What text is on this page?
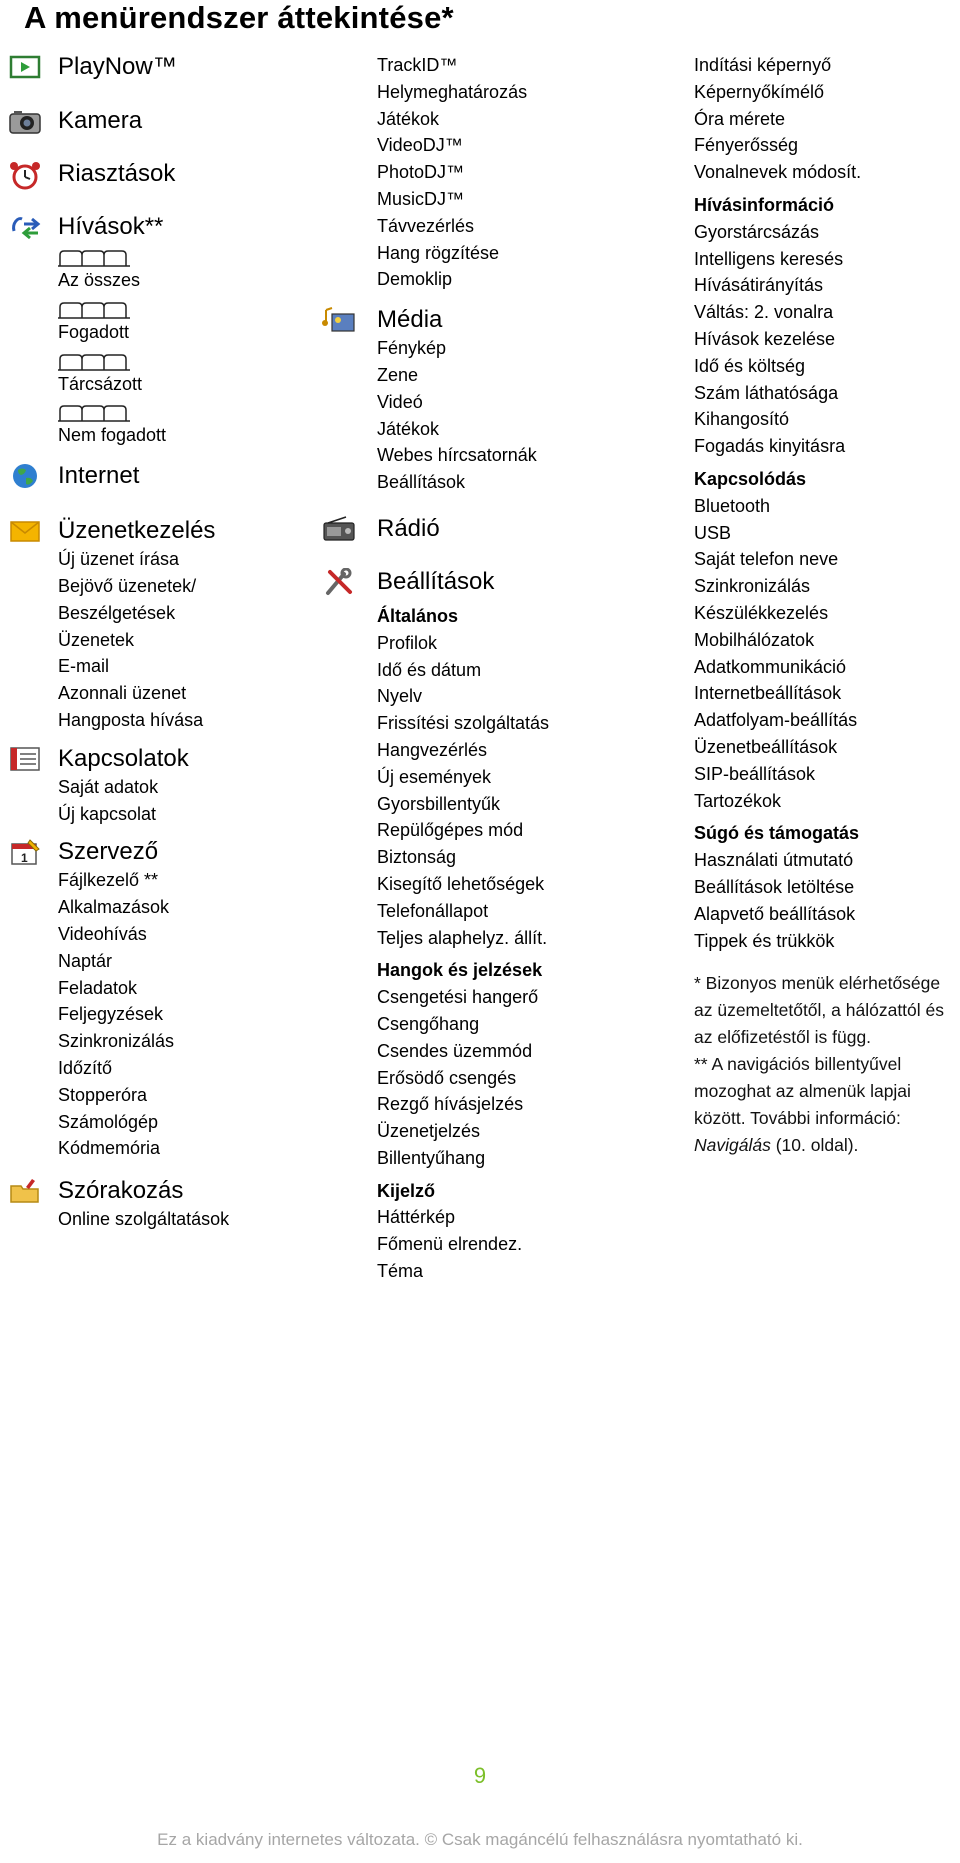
A menürendszer áttekintése*
PlayNow™
Kamera
Riasztások
Hívások**
Az összes
Fogadott
Tárcsázott
Nem fogadott
Internet
Üzenetkezelés
Új üzenet írása
Bejövő üzenetek/
Beszélgetések
Üzenetek
E-mail
Azonnali üzenet
Hangposta hívása
Kapcsolatok
Saját adatok
Új kapcsolat
1	Szervező
Fájlkezelő **
Alkalmazások
Videohívás
Naptár
Feladatok
Feljegyzések
Szinkronizálás
Időzítő
Stopperóra
Számológép
Kódmemória
Szórakozás
Online szolgáltatások
TrackID™
Helymeghatározás
Játékok
VideoDJ™
PhotoDJ™
MusicDJ™
Távvezérlés
Hang rögzítése
Demoklip
Média
Fénykép
Zene
Videó
Játékok
Webes hírcsatornák
Beállítások
Rádió
Beállítások
Általános
Profilok
Idő és dátum
Nyelv
Frissítési szolgáltatás
Hangvezérlés
Új események
Gyorsbillentyűk
Repülőgépes mód
Biztonság
Kisegítő lehetőségek
Telefonállapot
Teljes alaphelyz. állít.
Hangok és jelzések
Csengetési hangerő
Csengőhang
Csendes üzemmód
Erősödő csengés
Rezgő hívásjelzés
Üzenetjelzés
Billentyűhang
Kijelző
Háttérkép
Főmenü elrendez.
Téma
Indítási képernyő
Képernyőkímélő
Óra mérete
Fényerősség
Vonalnevek módosít.
Hívásinformáció
Gyorstárcsázás
Intelligens keresés
Hívásátirányítás
Váltás: 2. vonalra
Hívások kezelése
Idő és költség
Szám láthatósága
Kihangosító
Fogadás kinyitásra
Kapcsolódás
Bluetooth
USB
Saját telefon neve
Szinkronizálás
Készülékkezelés
Mobilhálózatok
Adatkommunikáció
Internetbeállítások
Adatfolyam-beállítás
Üzenetbeállítások
SIP-beállítások
Tartozékok
Súgó és támogatás
Használati útmutató
Beállítások letöltése
Alapvető beállítások
Tippek és trükkök
* Bizonyos menük elérhetősége
az üzemeltetőtől, a hálózattól és
az előfizetéstől is függ.
** A navigációs billentyűvel
mozoghat az almenük lapjai
között. További információ:
Navigálás (10. oldal).
9
Ez a kiadvány internetes változata. © Csak magáncélú felhasználásra nyomtatható ki.
